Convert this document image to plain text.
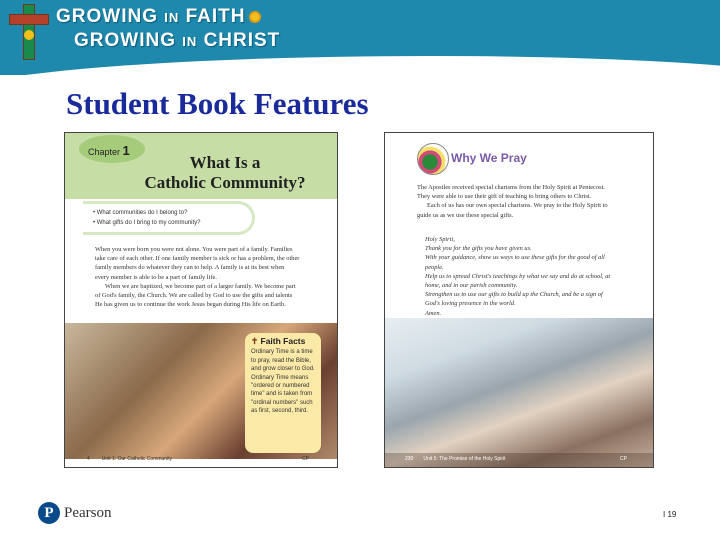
GROWING IN FAITH
GROWING IN CHRIST
Student Book Features
Chapter 1
What Is a
Catholic Community?
• What communities do I belong to?
• What gifts do I bring to my community?

When you were born you were not alone. You were part of a family. Families take care of each other. If one family member is sick or has a problem, the other family members do whatever they can to help. A family is at its best when every member is able to be a part of family life.

When we are baptized, we become part of a larger family. We become part of God's family, the Church. We are called by God to use the gifts and talents He has given us to continue the work Jesus began during His life on Earth.

✝ Faith Facts
Ordinary Time is a time to pray, read the Bible, and grow closer to God. Ordinary Time means "ordered or numbered time" and is taken from "ordinal numbers" such as first, second, third.
4 Unit 1: Our Catholic Community	CP
Why We Pray

The Apostles received special charisms from the Holy Spirit at Pentecost. They were able to use their gift of teaching to bring others to Christ.

Each of us has our own special charisms. We pray to the Holy Spirit to guide us as we use these special gifts.

Holy Spirit,
Thank you for the gifts you have given us.
With your guidance, show us ways to use these gifts for the good of all people.
Help us to spread Christ's teachings by what we say and do at school, at home, and in our parish community.
Strengthen us to use our gifts to build up the Church, and be a sign of God's loving presence in the world.
Amen.
230 Unit 5: The Promise of the Holy Spirit	CP
P Pearson	I 19
